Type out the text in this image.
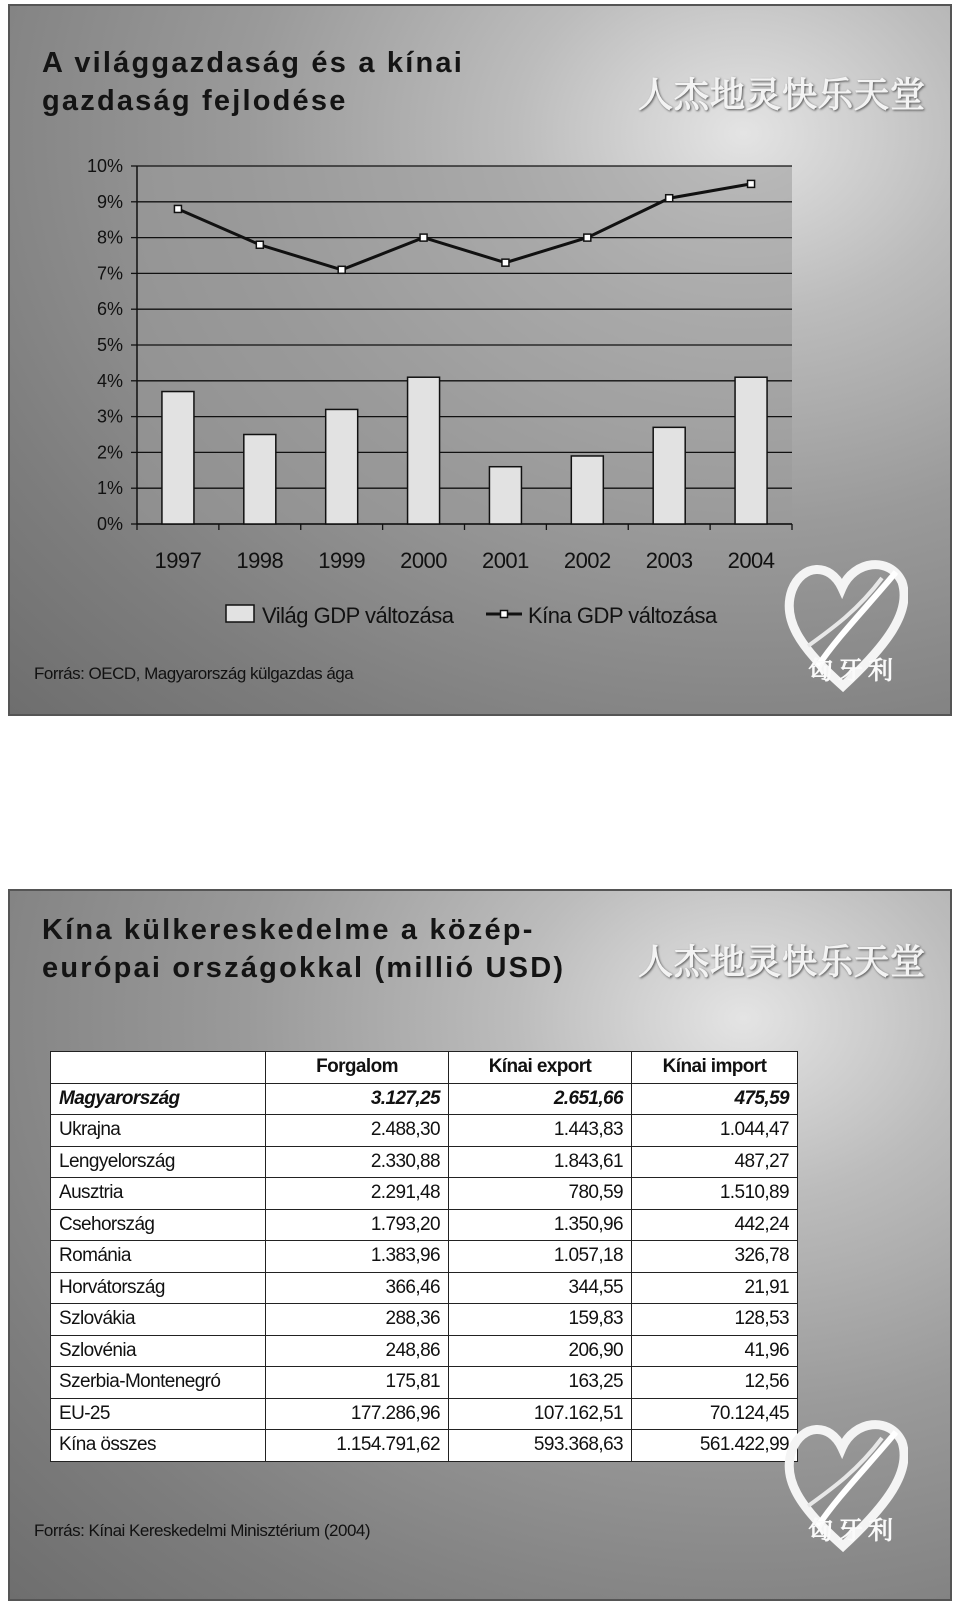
A világgazdaság és a kínai
gazdaság fejlodése	人杰地灵快乐天堂
0%
1%
2%
3%
4%
5%
6%
7%
8%
9%
10%
1997 1998 1999 2000 2001 2002 2003 2004
Világ GDP változása	Kína GDP változása
匈牙利
Forrás: OECD, Magyarország külgazdas ága
Kína külkereskedelme a közép-
európai országokkal (millió USD) 人杰地灵快乐天堂
	Forgalom	Kínai export	Kínai import
Magyarország	3.127,25	2.651,66	475,59
Ukrajna	2.488,30	1.443,83	1.044,47
Lengyelország	2.330,88	1.843,61	487,27
Ausztria	2.291,48	780,59	1.510,89
Csehország	1.793,20	1.350,96	442,24
Románia	1.383,96	1.057,18	326,78
Horvátország	366,46	344,55	21,91
Szlovákia	288,36	159,83	128,53
Szlovénia	248,86	206,90	41,96
Szerbia-Montenegró	175,81	163,25	12,56
EU-25	177.286,96	107.162,51	70.124,45
Kína összes	1.154.791,62	593.368,63	561.422,99
匈牙利
Forrás: Kínai Kereskedelmi Minisztérium (2004)
